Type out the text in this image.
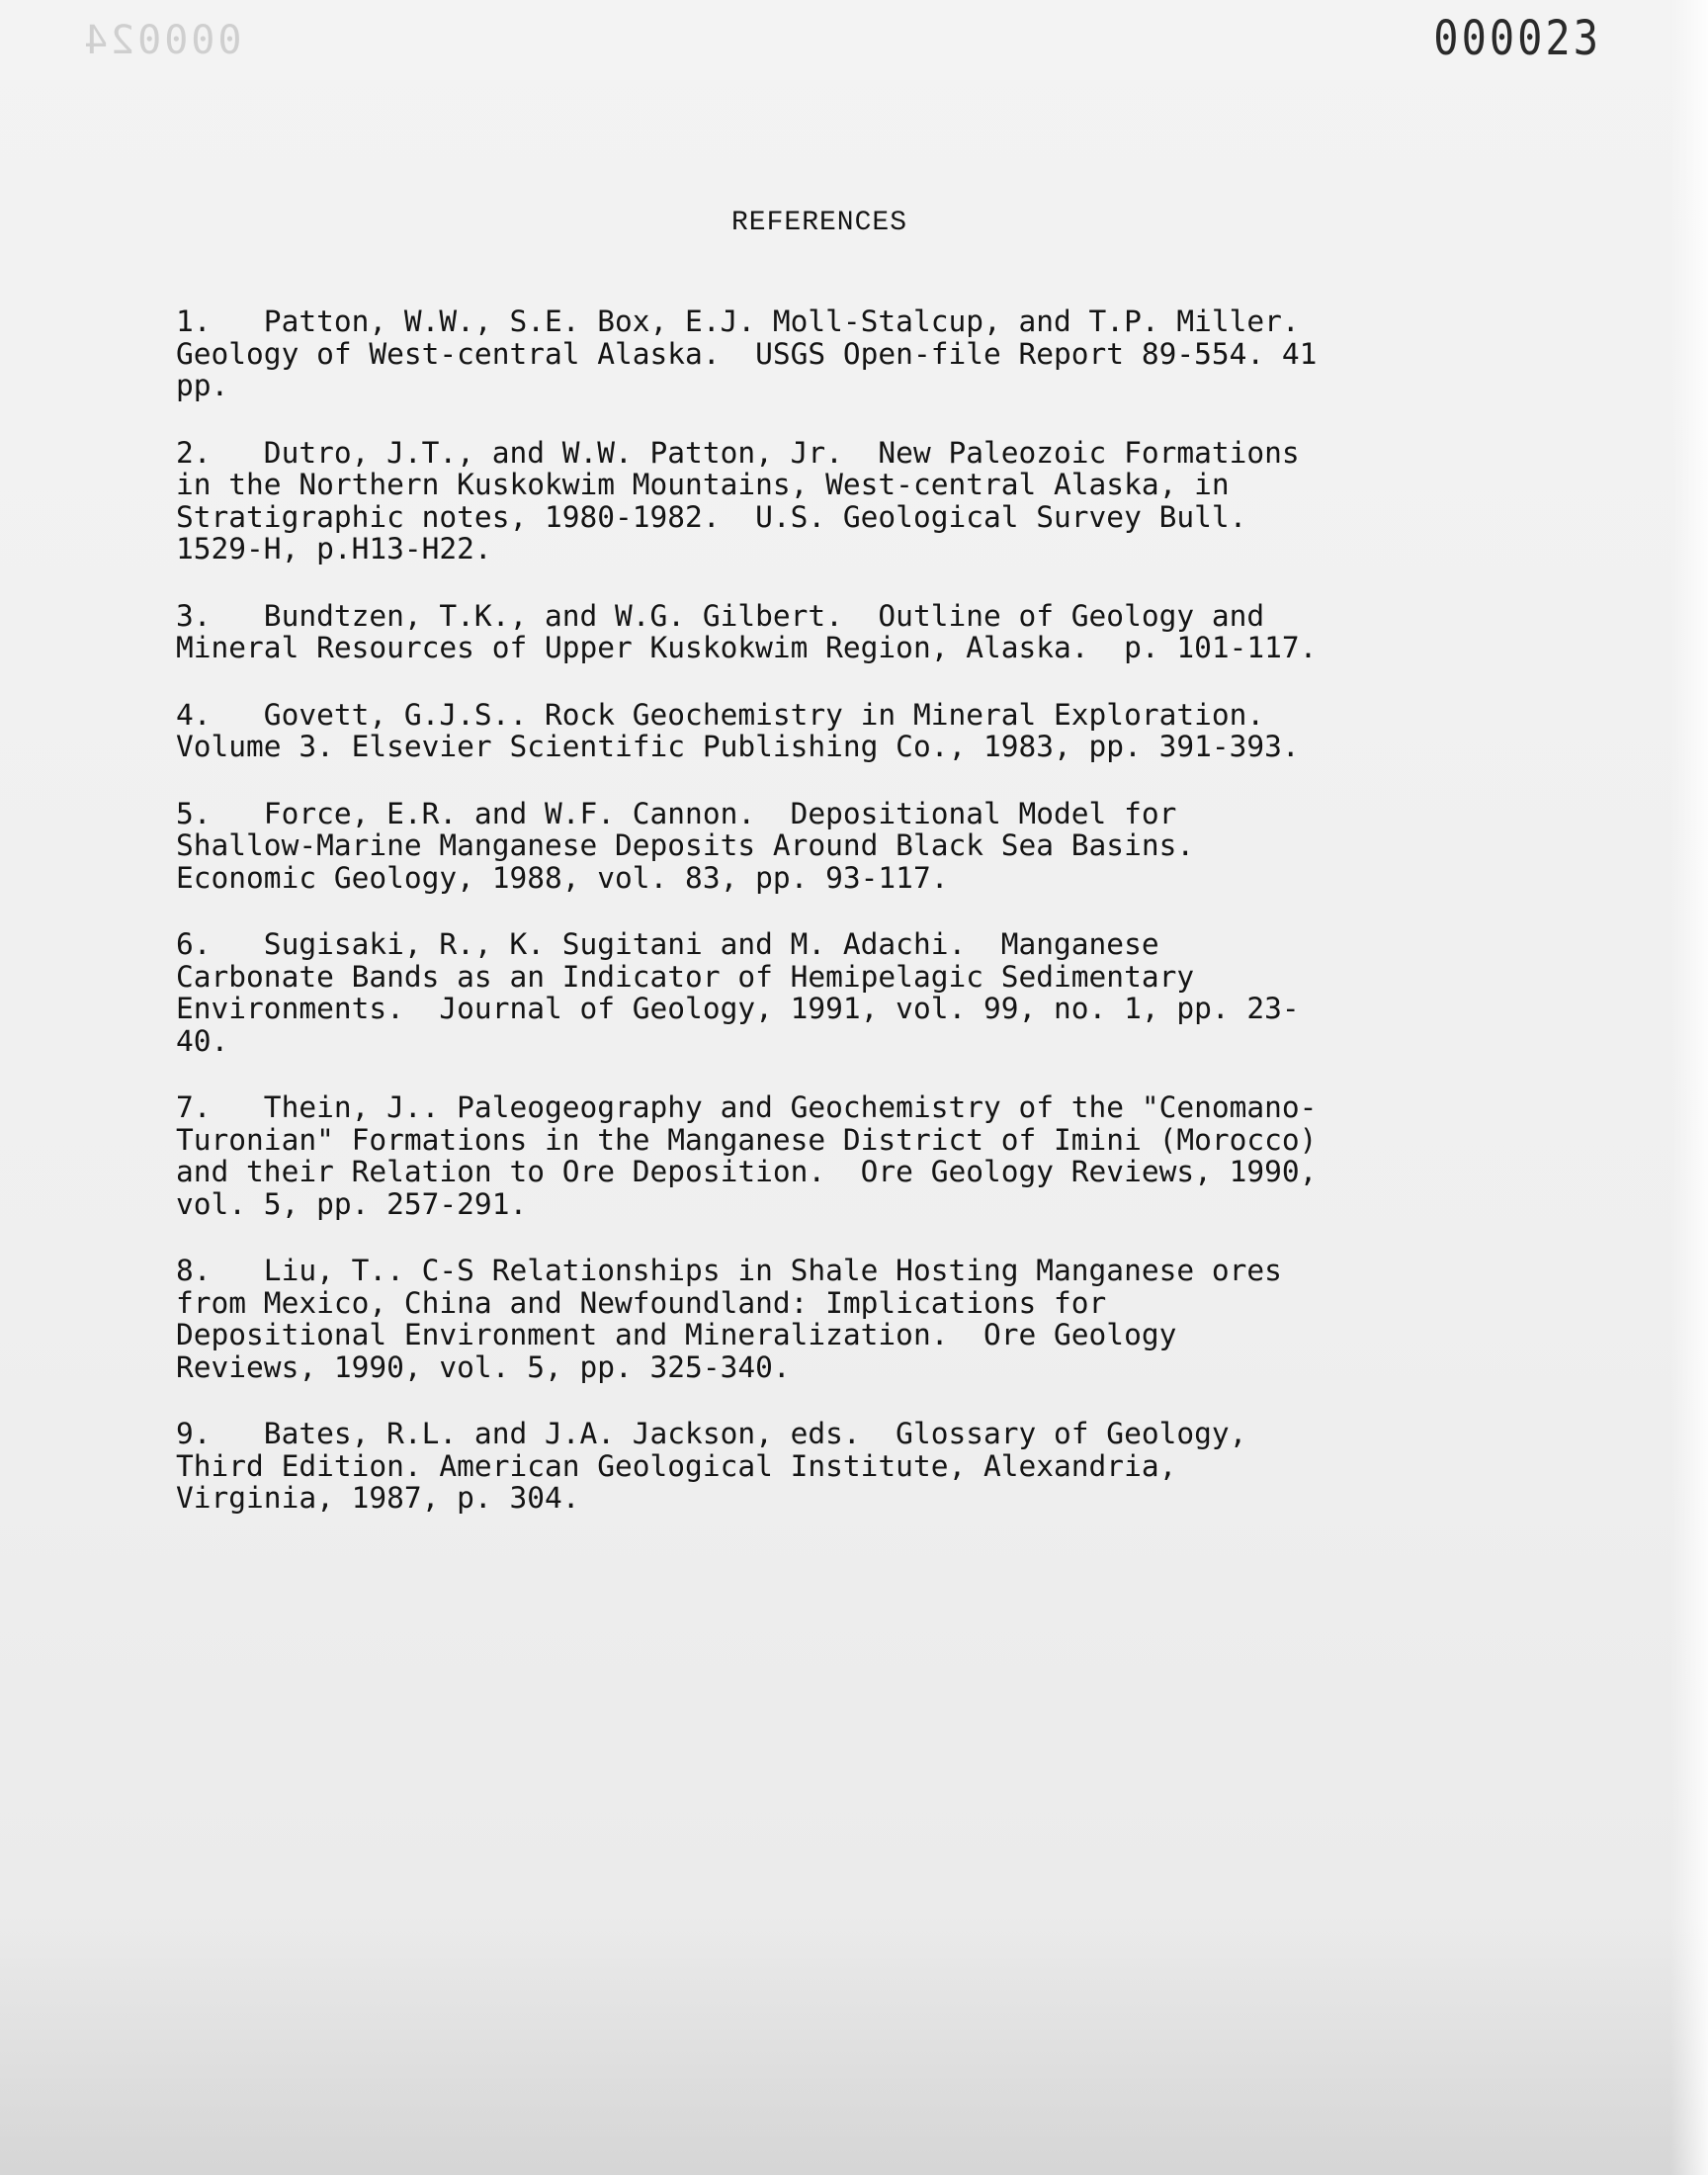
000024	000023
REFERENCES
1.   Patton, W.W., S.E. Box, E.J. Moll-Stalcup, and T.P. Miller.
Geology of West-central Alaska.  USGS Open-file Report 89-554. 41
pp.
2.   Dutro, J.T., and W.W. Patton, Jr.  New Paleozoic Formations
in the Northern Kuskokwim Mountains, West-central Alaska, in
Stratigraphic notes, 1980-1982.  U.S. Geological Survey Bull.
1529-H, p.H13-H22.
3.   Bundtzen, T.K., and W.G. Gilbert.  Outline of Geology and
Mineral Resources of Upper Kuskokwim Region, Alaska.  p. 101-117.
4.   Govett, G.J.S.. Rock Geochemistry in Mineral Exploration.
Volume 3. Elsevier Scientific Publishing Co., 1983, pp. 391-393.
5.   Force, E.R. and W.F. Cannon.  Depositional Model for
Shallow-Marine Manganese Deposits Around Black Sea Basins.
Economic Geology, 1988, vol. 83, pp. 93-117.
6.   Sugisaki, R., K. Sugitani and M. Adachi.  Manganese
Carbonate Bands as an Indicator of Hemipelagic Sedimentary
Environments.  Journal of Geology, 1991, vol. 99, no. 1, pp. 23-
40.
7.   Thein, J.. Paleogeography and Geochemistry of the "Cenomano-
Turonian" Formations in the Manganese District of Imini (Morocco)
and their Relation to Ore Deposition.  Ore Geology Reviews, 1990,
vol. 5, pp. 257-291.
8.   Liu, T.. C-S Relationships in Shale Hosting Manganese ores
from Mexico, China and Newfoundland: Implications for
Depositional Environment and Mineralization.  Ore Geology
Reviews, 1990, vol. 5, pp. 325-340.
9.   Bates, R.L. and J.A. Jackson, eds.  Glossary of Geology,
Third Edition. American Geological Institute, Alexandria,
Virginia, 1987, p. 304.
